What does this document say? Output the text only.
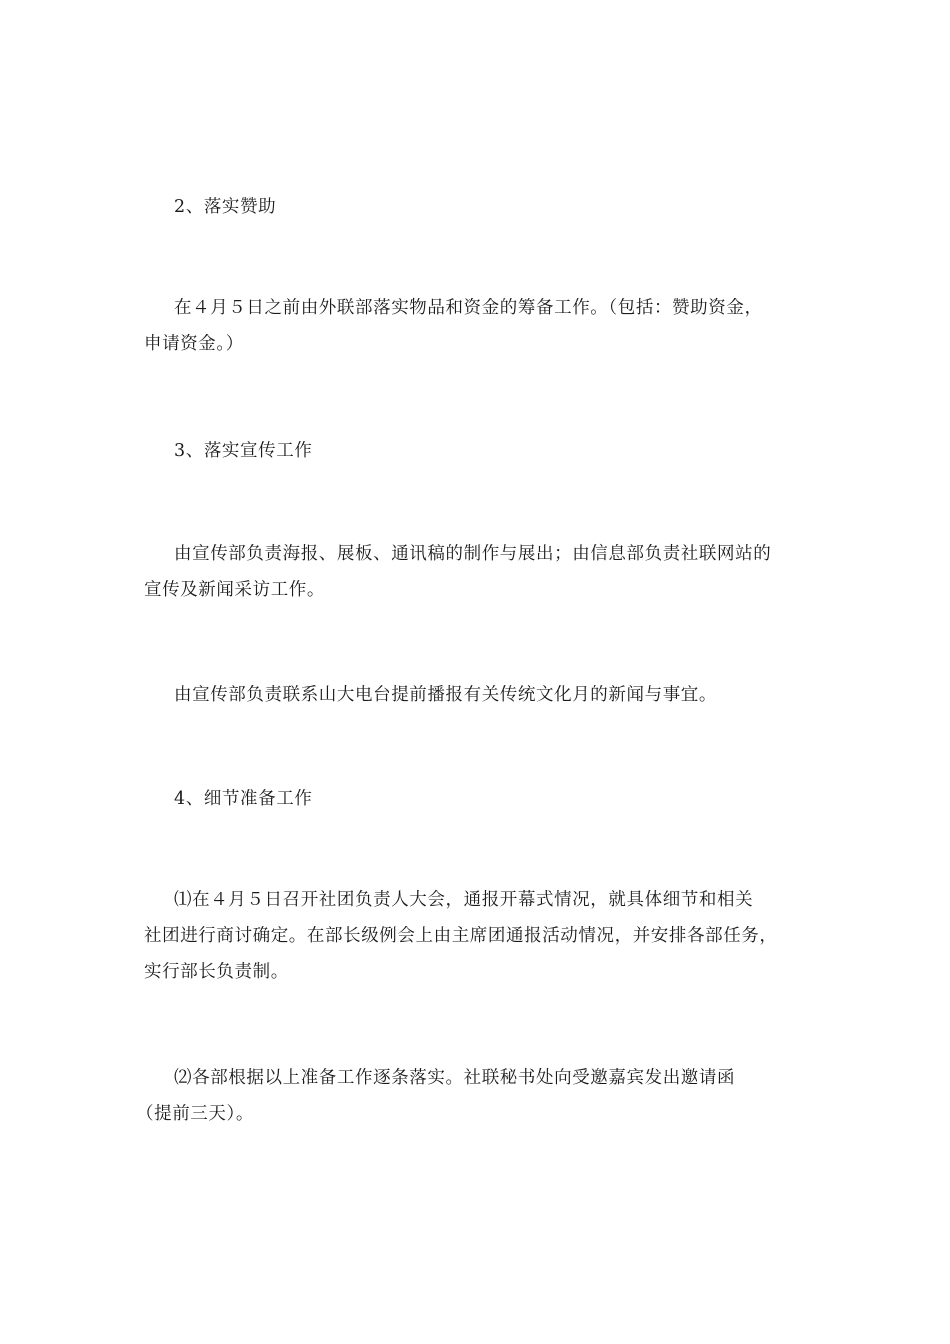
2、落实赞助

在４月５日之前由外联部落实物品和资金的筹备工作。（包括：赞助资金，
申请资金。）

3、落实宣传工作

由宣传部负责海报、展板、通讯稿的制作与展出；由信息部负责社联网站的
宣传及新闻采访工作。

由宣传部负责联系山大电台提前播报有关传统文化月的新闻与事宜。

4、细节准备工作

⑴在４月５日召开社团负责人大会，通报开幕式情况，就具体细节和相关
社团进行商讨确定。在部长级例会上由主席团通报活动情况，并安排各部任务，
实行部长负责制。

⑵各部根据以上准备工作逐条落实。社联秘书处向受邀嘉宾发出邀请函
（提前三天）。
